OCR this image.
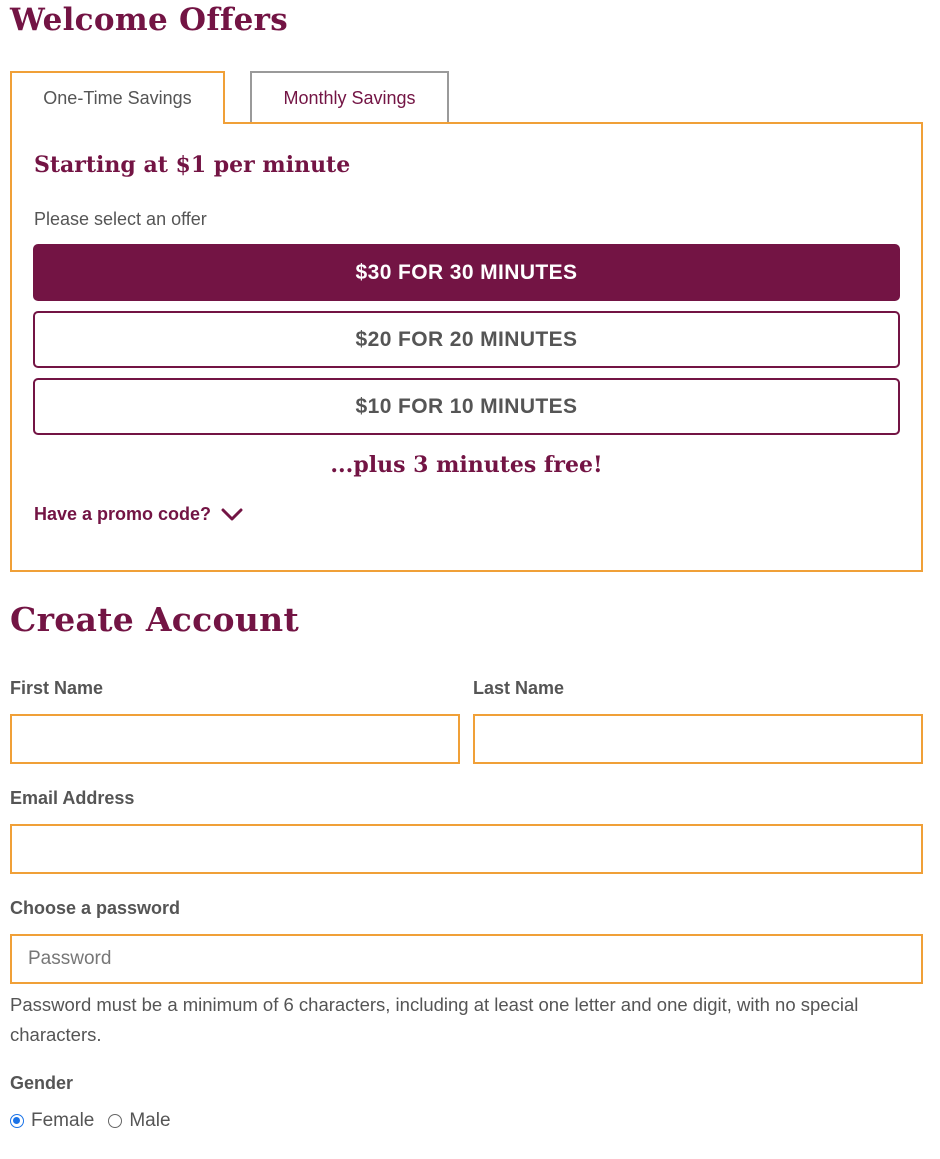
Welcome Offers
One-Time Savings	Monthly Savings
Starting at $1 per minute
Please select an offer
$30 FOR 30 MINUTES
$20 FOR 20 MINUTES
$10 FOR 10 MINUTES
...plus 3 minutes free!
Have a promo code?
Create Account
First Name	Last Name
Email Address
Choose a password
Password must be a minimum of 6 characters, including at least one letter and one digit, with no special characters.
Gender
Female Male
